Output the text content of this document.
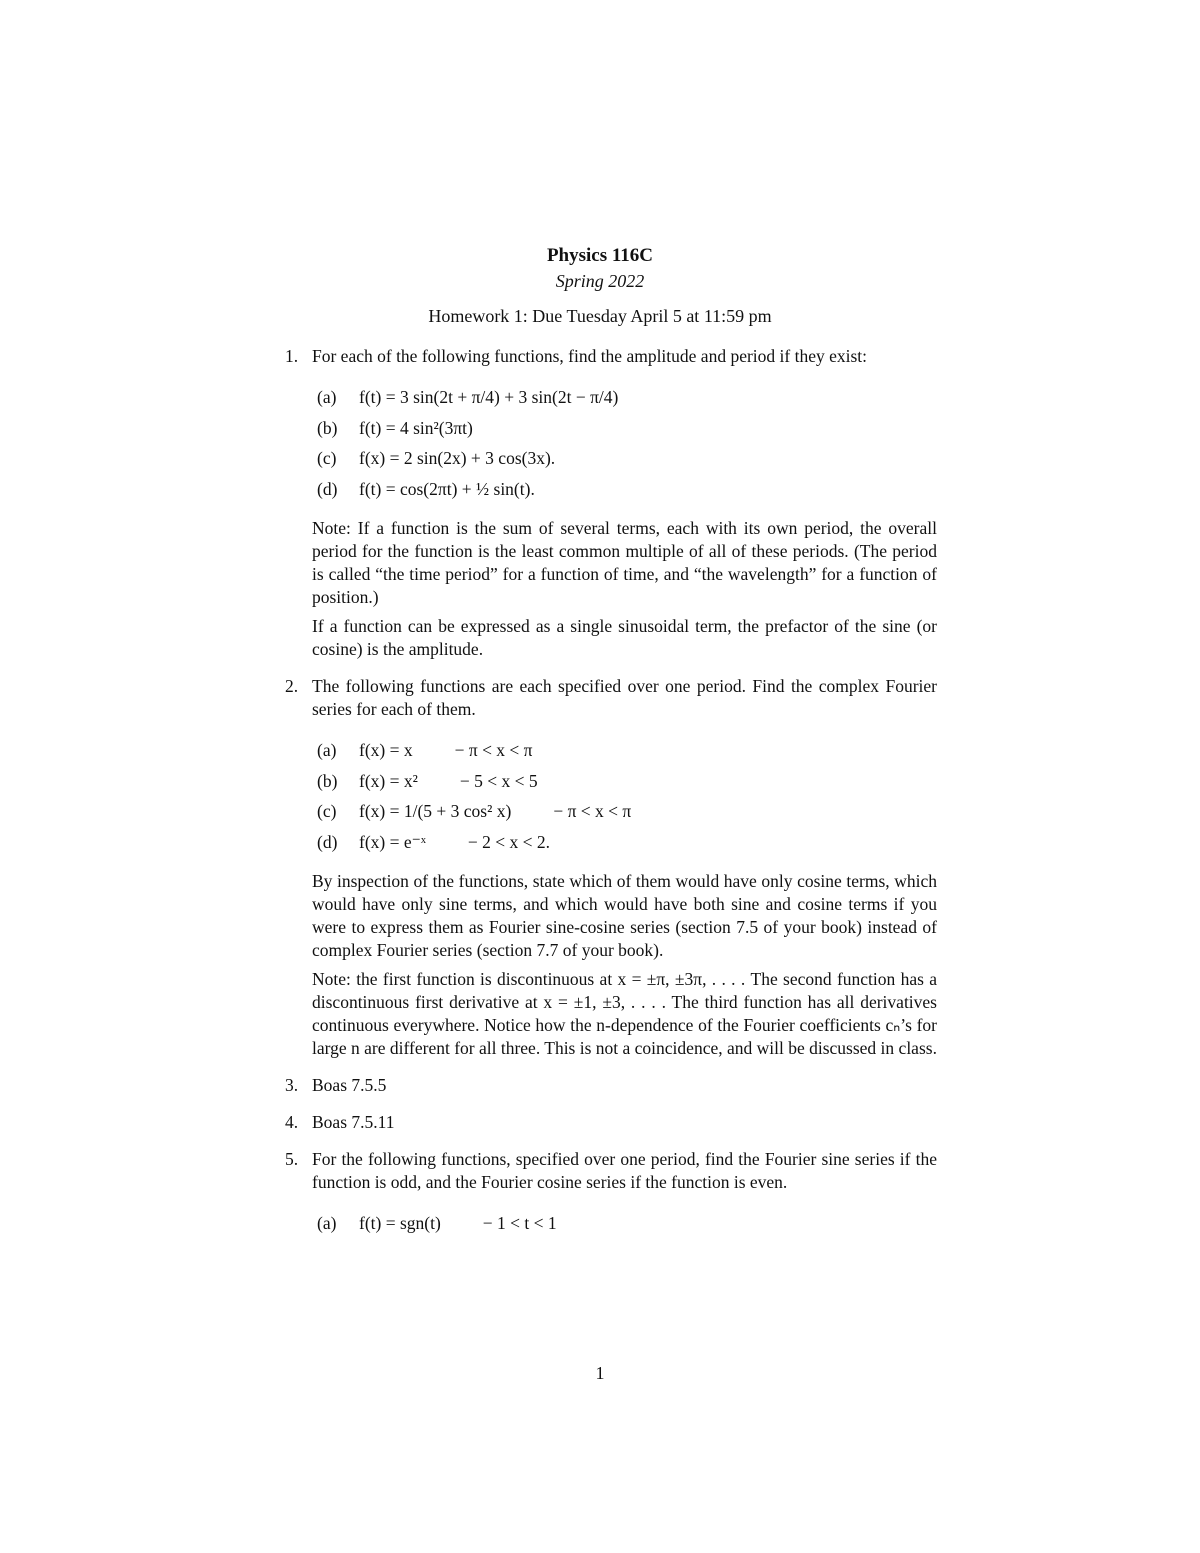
Physics 116C
Spring 2022
Homework 1: Due Tuesday April 5 at 11:59 pm
1. For each of the following functions, find the amplitude and period if they exist:
(a) f(t) = 3 sin(2t + π/4) + 3 sin(2t − π/4)
(b) f(t) = 4 sin²(3πt)
(c) f(x) = 2 sin(2x) + 3 cos(3x).
(d) f(t) = cos(2πt) + ½ sin(t).
Note: If a function is the sum of several terms, each with its own period, the overall period for the function is the least common multiple of all of these periods. (The period is called “the time period” for a function of time, and “the wavelength” for a function of position.)
If a function can be expressed as a single sinusoidal term, the prefactor of the sine (or cosine) is the amplitude.
2. The following functions are each specified over one period. Find the complex Fourier series for each of them.
(a) f(x) = x − π < x < π
(b) f(x) = x² − 5 < x < 5
(c) f(x) = 1/(5 + 3 cos² x) − π < x < π
(d) f(x) = e⁻ˣ − 2 < x < 2.
By inspection of the functions, state which of them would have only cosine terms, which would have only sine terms, and which would have both sine and cosine terms if you were to express them as Fourier sine-cosine series (section 7.5 of your book) instead of complex Fourier series (section 7.7 of your book).
Note: the first function is discontinuous at x = ±π, ±3π, . . . . The second function has a discontinuous first derivative at x = ±1, ±3, . . . . The third function has all derivatives continuous everywhere. Notice how the n-dependence of the Fourier coefficients cₙ’s for large n are different for all three. This is not a coincidence, and will be discussed in class.
3. Boas 7.5.5
4. Boas 7.5.11
5. For the following functions, specified over one period, find the Fourier sine series if the function is odd, and the Fourier cosine series if the function is even.
(a) f(t) = sgn(t) − 1 < t < 1
1
